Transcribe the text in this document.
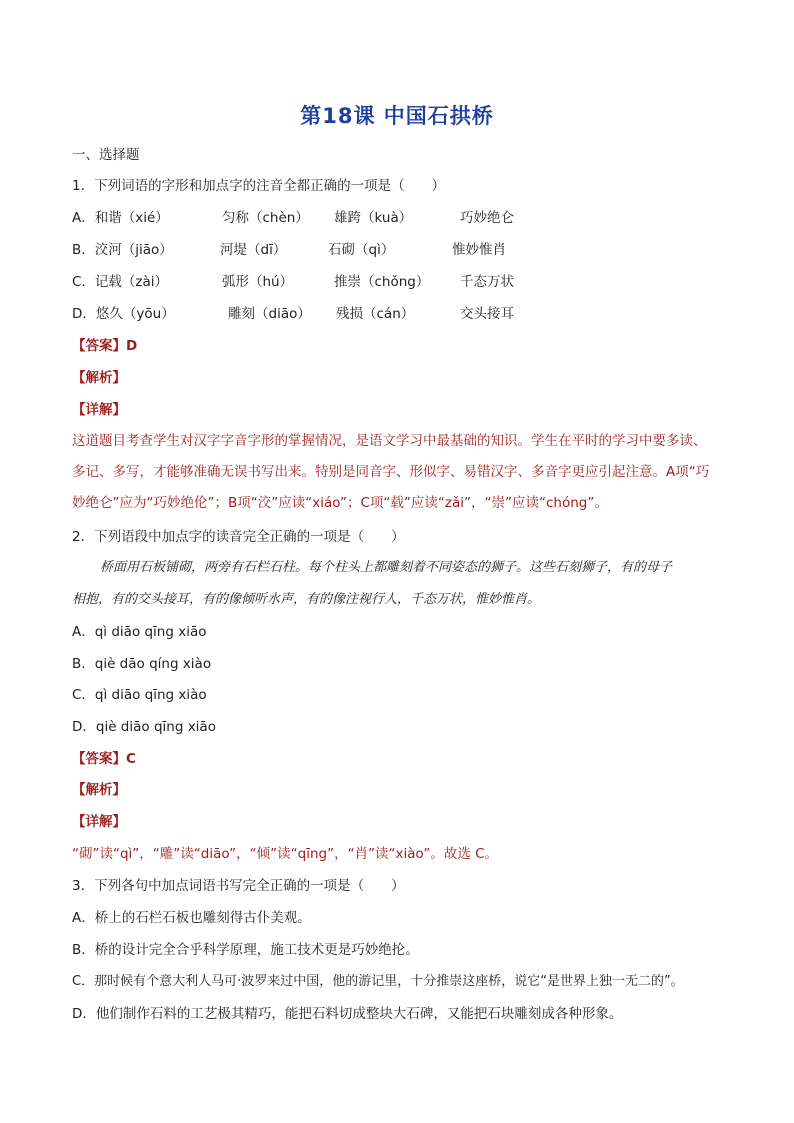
第18课 中国石拱桥
一、选择题
1．下列词语的字形和加点字的注音全都正确的一项是（　　）
A．和谐（xié）	匀称（chèn） 雄跨（kuà）	巧妙绝仑
B．洨河（jiāo）	河堤（dī）	石砌（qì）	惟妙惟肖
C．记载（zài）	弧形（hú）	推崇（chǒng） 千态万状
D．悠久（yōu）	雕刻（diāo） 残损（cán）	交头接耳
【答案】D
【解析】
【详解】
这道题目考查学生对汉字字音字形的掌握情况，是语文学习中最基础的知识。学生在平时的学习中要多读、
多记、多写，才能够准确无误书写出来。特别是同音字、形似字、易错汉字、多音字更应引起注意。A项“巧
妙绝仑”应为“巧妙绝伦”；B项“洨”应读“xiáo”；C项“载”应读“zǎi”，“崇”应读“chóng”。
2．下列语段中加点字的读音完全正确的一项是（　　）
桥面用石板铺砌，两旁有石栏石柱。每个柱头上都雕刻着不同姿态的狮子。这些石刻狮子，有的母子
相抱，有的交头接耳，有的像倾听水声，有的像注视行人，千态万状，惟妙惟肖。
A．qì diāo qīng xiāo
B．qiè dāo qíng xiào
C．qì diāo qīng xiào
D．qiè diāo qīng xiāo
【答案】C
【解析】
【详解】
“砌”读“qì”，“雕”读“diāo”，“倾”读“qīng”，“肖”读“xiào”。故选 C。
3．下列各句中加点词语书写完全正确的一项是（　　）
A．桥上的石栏石板也雕刻得古仆美观。
B．桥的设计完全合乎科学原理，施工技术更是巧妙绝抡。
C．那时候有个意大利人马可·波罗来过中国，他的游记里，十分推崇这座桥，说它“是世界上独一无二的”。
D．他们制作石料的工艺极其精巧，能把石料切成整块大石碑，又能把石块雕刻成各种形象。
